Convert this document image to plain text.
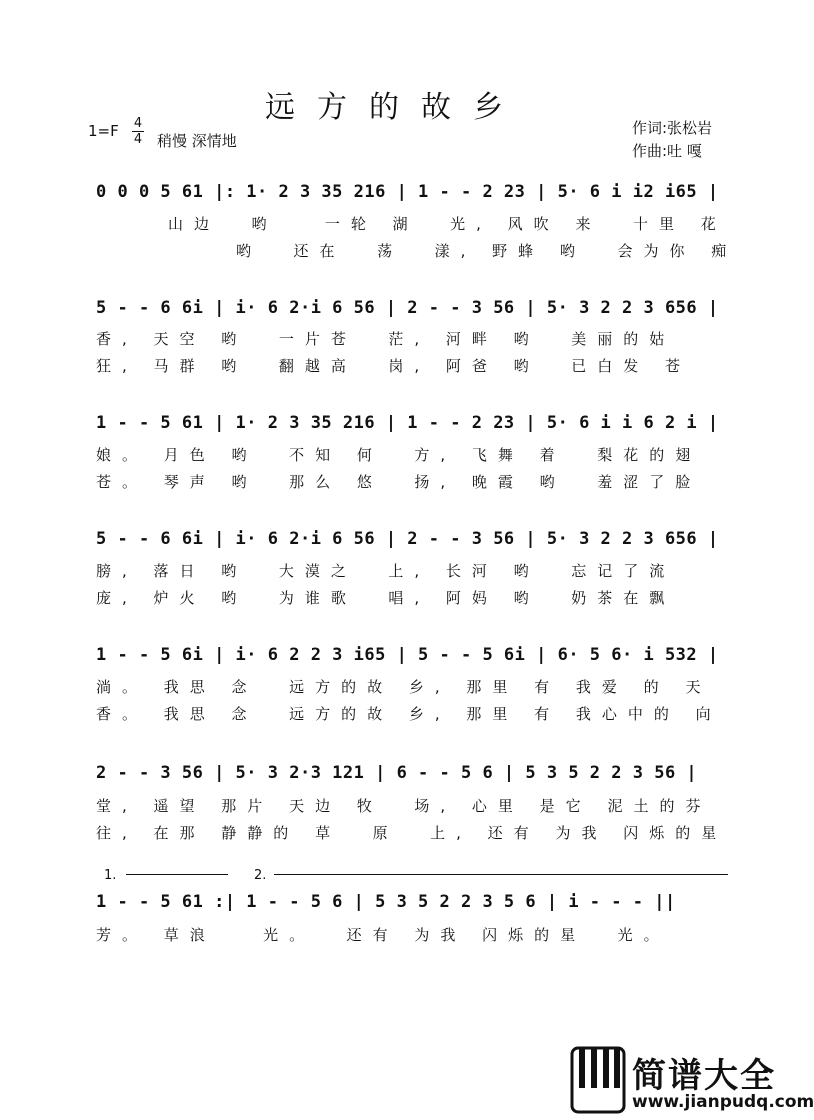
远方的故乡
1=F 4
4 稍慢 深情地
作词:张松岩
作曲:吐 嘎
0 0 0 5 61 |: 1· 2 3 35 216 | 1 - - 2 23 | 5· 6 i i2 i65 |
山边  哟   一轮 湖  光, 风吹 来  十里 花
哟  还在  荡  漾, 野蜂 哟  会为你 痴
5 - - 6 6i | i· 6 2·i 6 56 | 2 - - 3 56 | 5· 3 2 2 3 656 |
香, 天空 哟  一片苍  茫, 河畔 哟  美丽的姑
狂, 马群 哟  翻越高  岗, 阿爸 哟  已白发 苍
1 - - 5 61 | 1· 2 3 35 216 | 1 - - 2 23 | 5· 6 i i 6 2 i |
娘。 月色 哟  不知 何  方, 飞舞 着  梨花的翅
苍。 琴声 哟  那么 悠  扬, 晚霞 哟  羞涩了脸
5 - - 6 6i | i· 6 2·i 6 56 | 2 - - 3 56 | 5· 3 2 2 3 656 |
膀, 落日 哟  大漠之  上, 长河 哟  忘记了流
庞, 炉火 哟  为谁歌  唱, 阿妈 哟  奶茶在飘
1 - - 5 6i | i· 6 2 2 3 i65 | 5 - - 5 6i | 6· 5 6· i 532 |
淌。 我思 念  远方的故 乡, 那里 有 我爱 的 天
香。 我思 念  远方的故 乡, 那里 有 我心中的 向
2 - - 3 56 | 5· 3 2·3 121 | 6 - - 5 6 | 5 3 5 2 2 3 56 |
堂, 遥望 那片 天边 牧  场, 心里 是它 泥土的芬
往, 在那 静静的 草  原  上, 还有 为我 闪烁的星
1.	2.
1 - - 5 61 :| 1 - - 5 6 | 5 3 5 2 2 3 5 6 | i - - - ||
芳。 草浪   光。  还有 为我 闪烁的星  光。
简谱大全
www.jianpudq.com
